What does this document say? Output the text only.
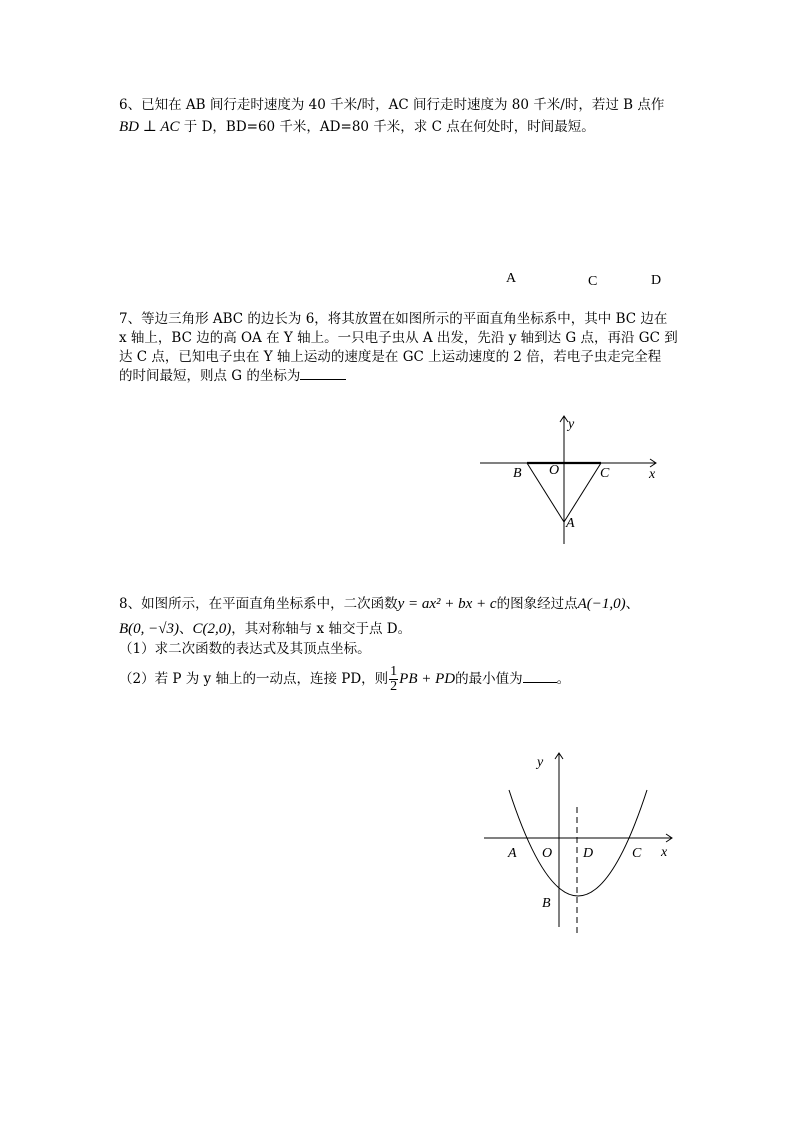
6、已知在 AB 间行走时速度为 40 千米/时，AC 间行走时速度为 80 千米/时，若过 B 点作
BD ⊥ AC 于 D，BD=60 千米，AD=80 千米，求 C 点在何处时，时间最短。
A	C	D
7、等边三角形 ABC 的边长为 6，将其放置在如图所示的平面直角坐标系中，其中 BC 边在
x 轴上，BC 边的高 OA 在 Y 轴上。一只电子虫从 A 出发，先沿 y 轴到达 G 点，再沿 GC 到
达 C 点，已知电子虫在 Y 轴上运动的速度是在 GC 上运动速度的 2 倍，若电子虫走完全程
的时间最短，则点 G 的坐标为
y
x
O
B	C
A
8、如图所示，在平面直角坐标系中，二次函数y = ax² + bx + c的图象经过点A(−1,0)、
B(0, −√3)、C(2,0)，其对称轴与 x 轴交于点 D。
（1）求二次函数的表达式及其顶点坐标。
（2）若 P 为 y 轴上的一动点，连接 PD，则 $\frac{1}{2}$ PB + PD的最小值为	。
y
x
A O D	C
B
